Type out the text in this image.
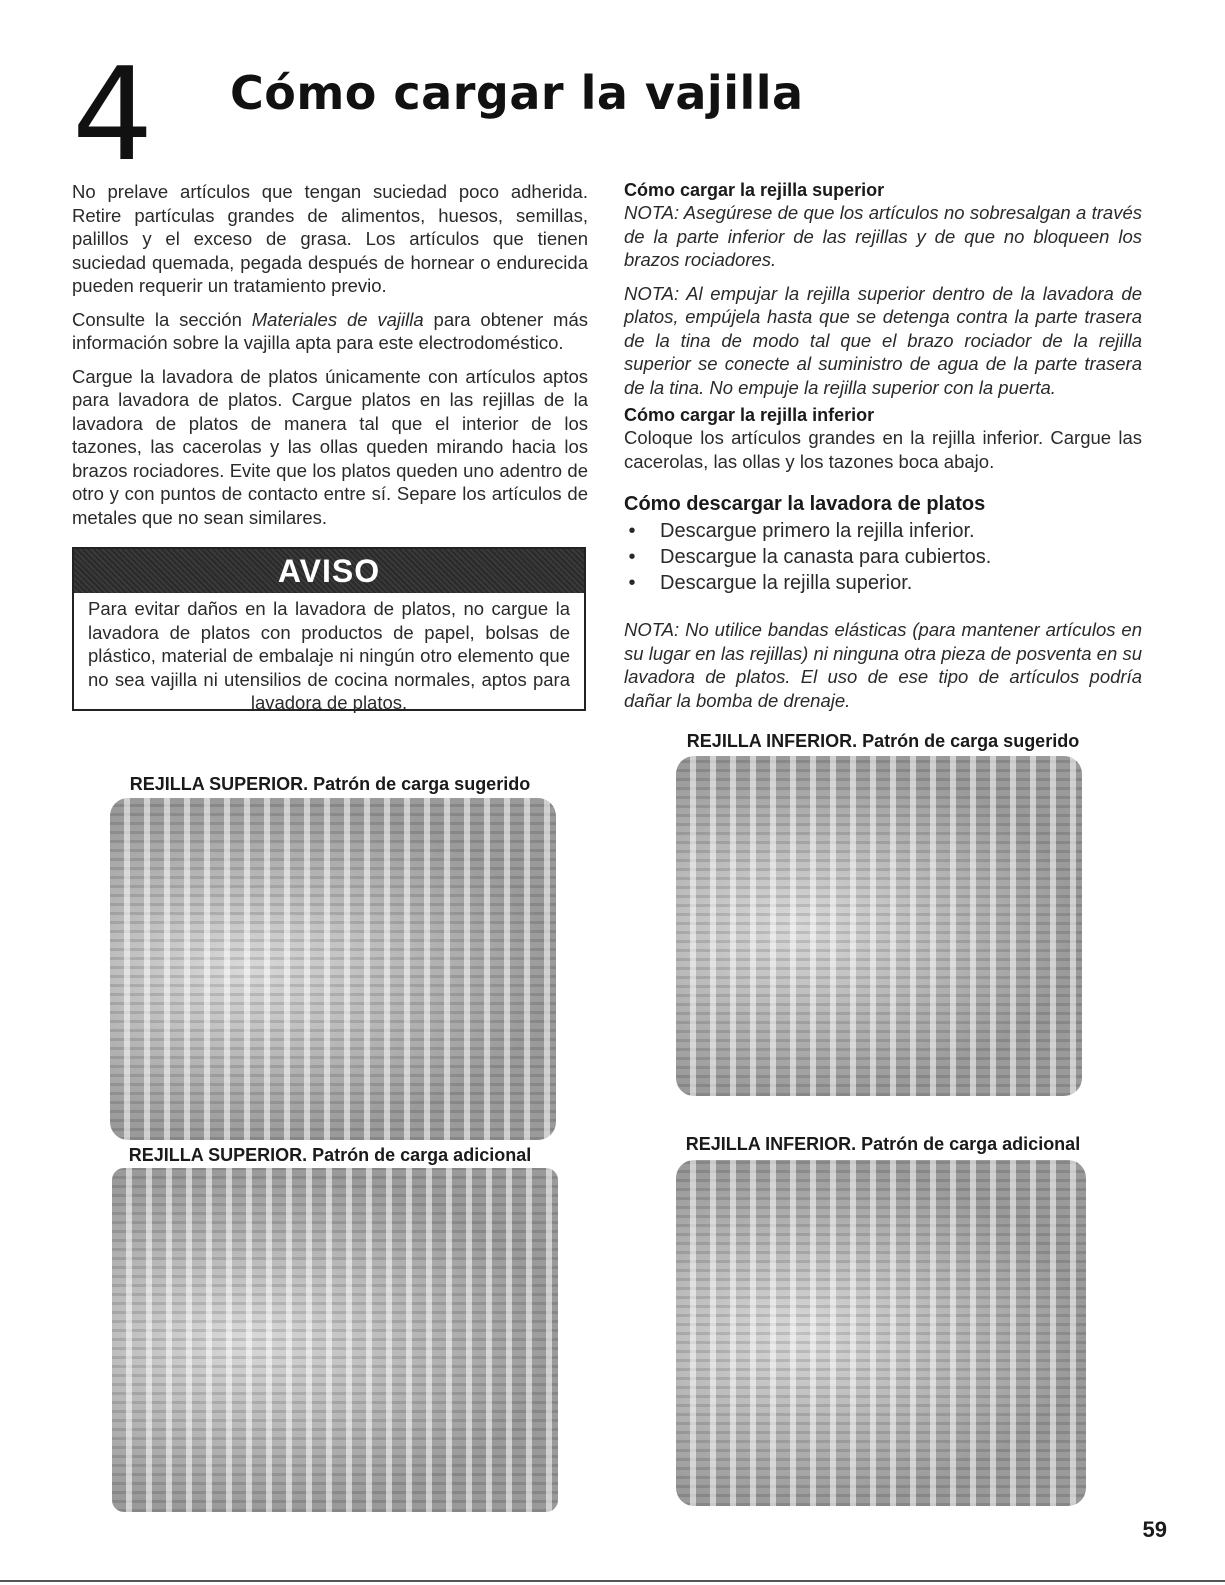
4 Cómo cargar la vajilla

No prelave artículos que tengan suciedad poco adherida. Retire partículas grandes de alimentos, huesos, semillas, palillos y el exceso de grasa. Los artículos que tienen suciedad quemada, pegada después de hornear o endurecida pueden requerir un tratamiento previo.

Consulte la sección Materiales de vajilla para obtener más información sobre la vajilla apta para este electrodoméstico.

Cargue la lavadora de platos únicamente con artículos aptos para lavadora de platos. Cargue platos en las rejillas de la lavadora de platos de manera tal que el interior de los tazones, las cacerolas y las ollas queden mirando hacia los brazos rociadores. Evite que los platos queden uno adentro de otro y con puntos de contacto entre sí. Separe los artículos de metales que no sean similares.

AVISO
Para evitar daños en la lavadora de platos, no cargue la lavadora de platos con productos de papel, bolsas de plástico, material de embalaje ni ningún otro elemento que no sea vajilla ni utensilios de cocina normales, aptos para lavadora de platos.

Cómo cargar la rejilla superior

NOTA: Asegúrese de que los artículos no sobresalgan a través de la parte inferior de las rejillas y de que no bloqueen los brazos rociadores.

NOTA: Al empujar la rejilla superior dentro de la lavadora de platos, empújela hasta que se detenga contra la parte trasera de la tina de modo tal que el brazo rociador de la rejilla superior se conecte al suministro de agua de la parte trasera de la tina. No empuje la rejilla superior con la puerta.

Cómo cargar la rejilla inferior

Coloque los artículos grandes en la rejilla inferior. Cargue las cacerolas, las ollas y los tazones boca abajo.

Cómo descargar la lavadora de platos

• Descargue primero la rejilla inferior.
• Descargue la canasta para cubiertos.
• Descargue la rejilla superior.

NOTA: No utilice bandas elásticas (para mantener artículos en su lugar en las rejillas) ni ninguna otra pieza de posventa en su lavadora de platos. El uso de ese tipo de artículos podría dañar la bomba de drenaje.

REJILLA SUPERIOR. Patrón de carga sugerido
REJILLA SUPERIOR. Patrón de carga adicional
REJILLA INFERIOR. Patrón de carga sugerido
REJILLA INFERIOR. Patrón de carga adicional
59
